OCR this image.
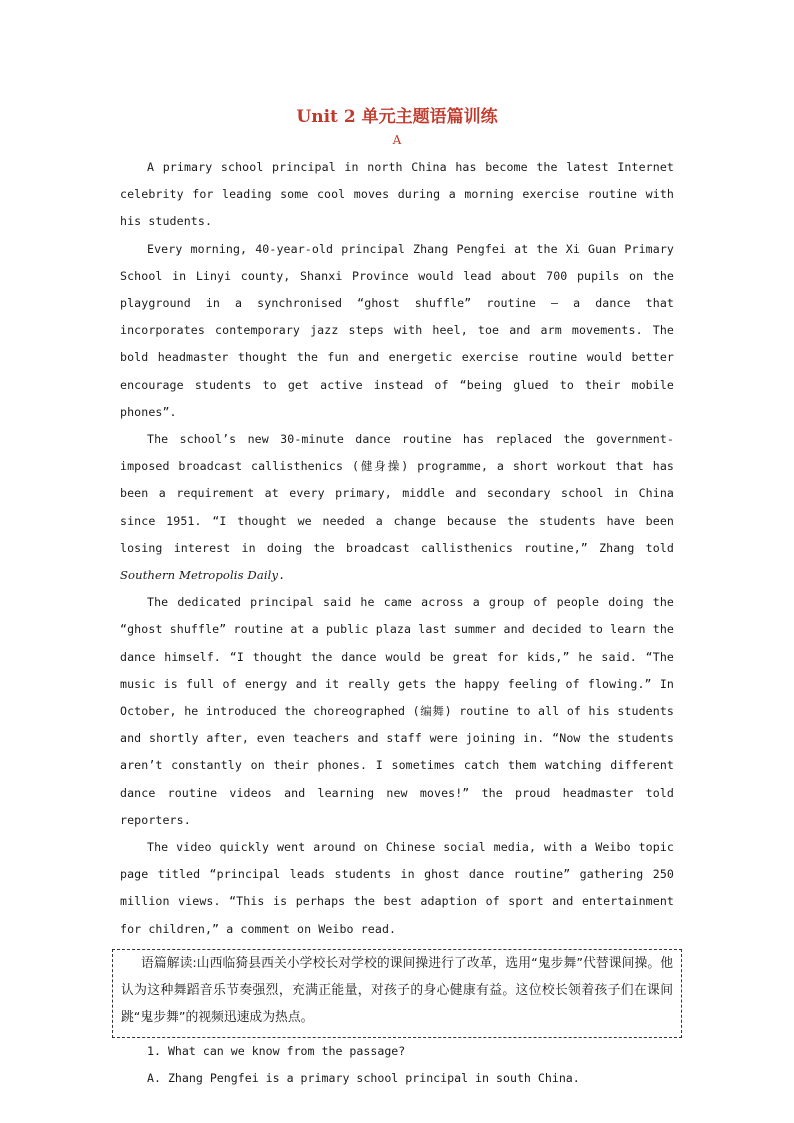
Unit 2 单元主题语篇训练
A

A primary school principal in north China has become the latest Internet celebrity for leading some cool moves during a morning exercise routine with his students.

Every morning, 40-year-old principal Zhang Pengfei at the Xi Guan Primary School in Linyi county, Shanxi Province would lead about 700 pupils on the playground in a synchronised “ghost shuffle” routine — a dance that incorporates contemporary jazz steps with heel, toe and arm movements. The bold headmaster thought the fun and energetic exercise routine would better encourage students to get active instead of “being glued to their mobile phones”.

The school’s new 30-minute dance routine has replaced the government-imposed broadcast callisthenics (健身操) programme, a short workout that has been a requirement at every primary, middle and secondary school in China since 1951. “I thought we needed a change because the students have been losing interest in doing the broadcast callisthenics routine,” Zhang told Southern Metropolis Daily.

The dedicated principal said he came across a group of people doing the “ghost shuffle” routine at a public plaza last summer and decided to learn the dance himself. “I thought the dance would be great for kids,” he said. “The music is full of energy and it really gets the happy feeling of flowing.” In October, he introduced the choreographed (编舞) routine to all of his students and shortly after, even teachers and staff were joining in. “Now the students aren’t constantly on their phones. I sometimes catch them watching different dance routine videos and learning new moves!” the proud headmaster told reporters.

The video quickly went around on Chinese social media, with a Weibo topic page titled “principal leads students in ghost dance routine” gathering 250 million views. “This is perhaps the best adaption of sport and entertainment for children,” a comment on Weibo read.

语篇解读:山西临猗县西关小学校长对学校的课间操进行了改革，选用“鬼步舞”代替课间操。他认为这种舞蹈音乐节奏强烈，充满正能量，对孩子的身心健康有益。这位校长领着孩子们在课间跳“鬼步舞”的视频迅速成为热点。

1. What can we know from the passage?

A. Zhang Pengfei is a primary school principal in south China.
